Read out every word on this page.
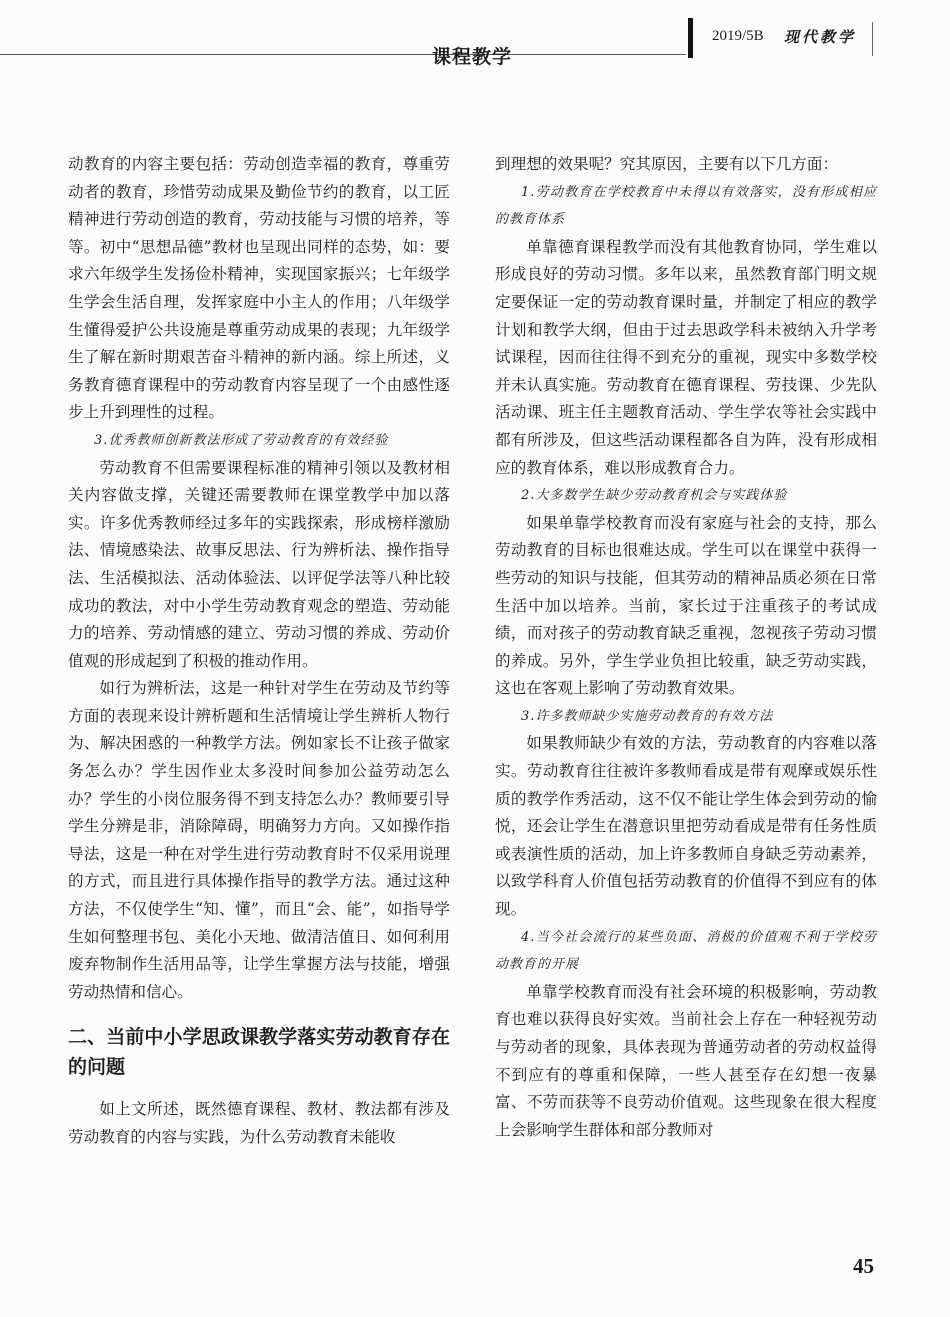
课程教学
2019/5B 现代教学

动教育的内容主要包括：劳动创造幸福的教育，尊重劳动者的教育，珍惜劳动成果及勤俭节约的教育，以工匠精神进行劳动创造的教育，劳动技能与习惯的培养，等等。初中“思想品德”教材也呈现出同样的态势，如：要求六年级学生发扬俭朴精神，实现国家振兴；七年级学生学会生活自理，发挥家庭中小主人的作用；八年级学生懂得爱护公共设施是尊重劳动成果的表现；九年级学生了解在新时期艰苦奋斗精神的新内涵。综上所述，义务教育德育课程中的劳动教育内容呈现了一个由感性逐步上升到理性的过程。

3.优秀教师创新教法形成了劳动教育的有效经验

劳动教育不但需要课程标准的精神引领以及教材相关内容做支撑，关键还需要教师在课堂教学中加以落实。许多优秀教师经过多年的实践探索，形成榜样激励法、情境感染法、故事反思法、行为辨析法、操作指导法、生活模拟法、活动体验法、以评促学法等八种比较成功的教法，对中小学生劳动教育观念的塑造、劳动能力的培养、劳动情感的建立、劳动习惯的养成、劳动价值观的形成起到了积极的推动作用。

如行为辨析法，这是一种针对学生在劳动及节约等方面的表现来设计辨析题和生活情境让学生辨析人物行为、解决困惑的一种教学方法。例如家长不让孩子做家务怎么办？学生因作业太多没时间参加公益劳动怎么办？学生的小岗位服务得不到支持怎么办？教师要引导学生分辨是非，消除障碍，明确努力方向。又如操作指导法，这是一种在对学生进行劳动教育时不仅采用说理的方式，而且进行具体操作指导的教学方法。通过这种方法，不仅使学生“知、懂”，而且“会、能”，如指导学生如何整理书包、美化小天地、做清洁值日、如何利用废弃物制作生活用品等，让学生掌握方法与技能，增强劳动热情和信心。

二、当前中小学思政课教学落实劳动教育存在的问题

如上文所述，既然德育课程、教材、教法都有涉及劳动教育的内容与实践，为什么劳动教育未能收

到理想的效果呢？究其原因，主要有以下几方面：

1.劳动教育在学校教育中未得以有效落实，没有形成相应的教育体系

单靠德育课程教学而没有其他教育协同，学生难以形成良好的劳动习惯。多年以来，虽然教育部门明文规定要保证一定的劳动教育课时量，并制定了相应的教学计划和教学大纲，但由于过去思政学科未被纳入升学考试课程，因而往往得不到充分的重视，现实中多数学校并未认真实施。劳动教育在德育课程、劳技课、少先队活动课、班主任主题教育活动、学生学农等社会实践中都有所涉及，但这些活动课程都各自为阵，没有形成相应的教育体系，难以形成教育合力。

2.大多数学生缺少劳动教育机会与实践体验

如果单靠学校教育而没有家庭与社会的支持，那么劳动教育的目标也很难达成。学生可以在课堂中获得一些劳动的知识与技能，但其劳动的精神品质必须在日常生活中加以培养。当前，家长过于注重孩子的考试成绩，而对孩子的劳动教育缺乏重视，忽视孩子劳动习惯的养成。另外，学生学业负担比较重，缺乏劳动实践，这也在客观上影响了劳动教育效果。

3.许多教师缺少实施劳动教育的有效方法

如果教师缺少有效的方法，劳动教育的内容难以落实。劳动教育往往被许多教师看成是带有观摩或娱乐性质的教学作秀活动，这不仅不能让学生体会到劳动的愉悦，还会让学生在潜意识里把劳动看成是带有任务性质或表演性质的活动，加上许多教师自身缺乏劳动素养，以致学科育人价值包括劳动教育的价值得不到应有的体现。

4.当今社会流行的某些负面、消极的价值观不利于学校劳动教育的开展

单靠学校教育而没有社会环境的积极影响，劳动教育也难以获得良好实效。当前社会上存在一种轻视劳动与劳动者的现象，具体表现为普通劳动者的劳动权益得不到应有的尊重和保障，一些人甚至存在幻想一夜暴富、不劳而获等不良劳动价值观。这些现象在很大程度上会影响学生群体和部分教师对

45
